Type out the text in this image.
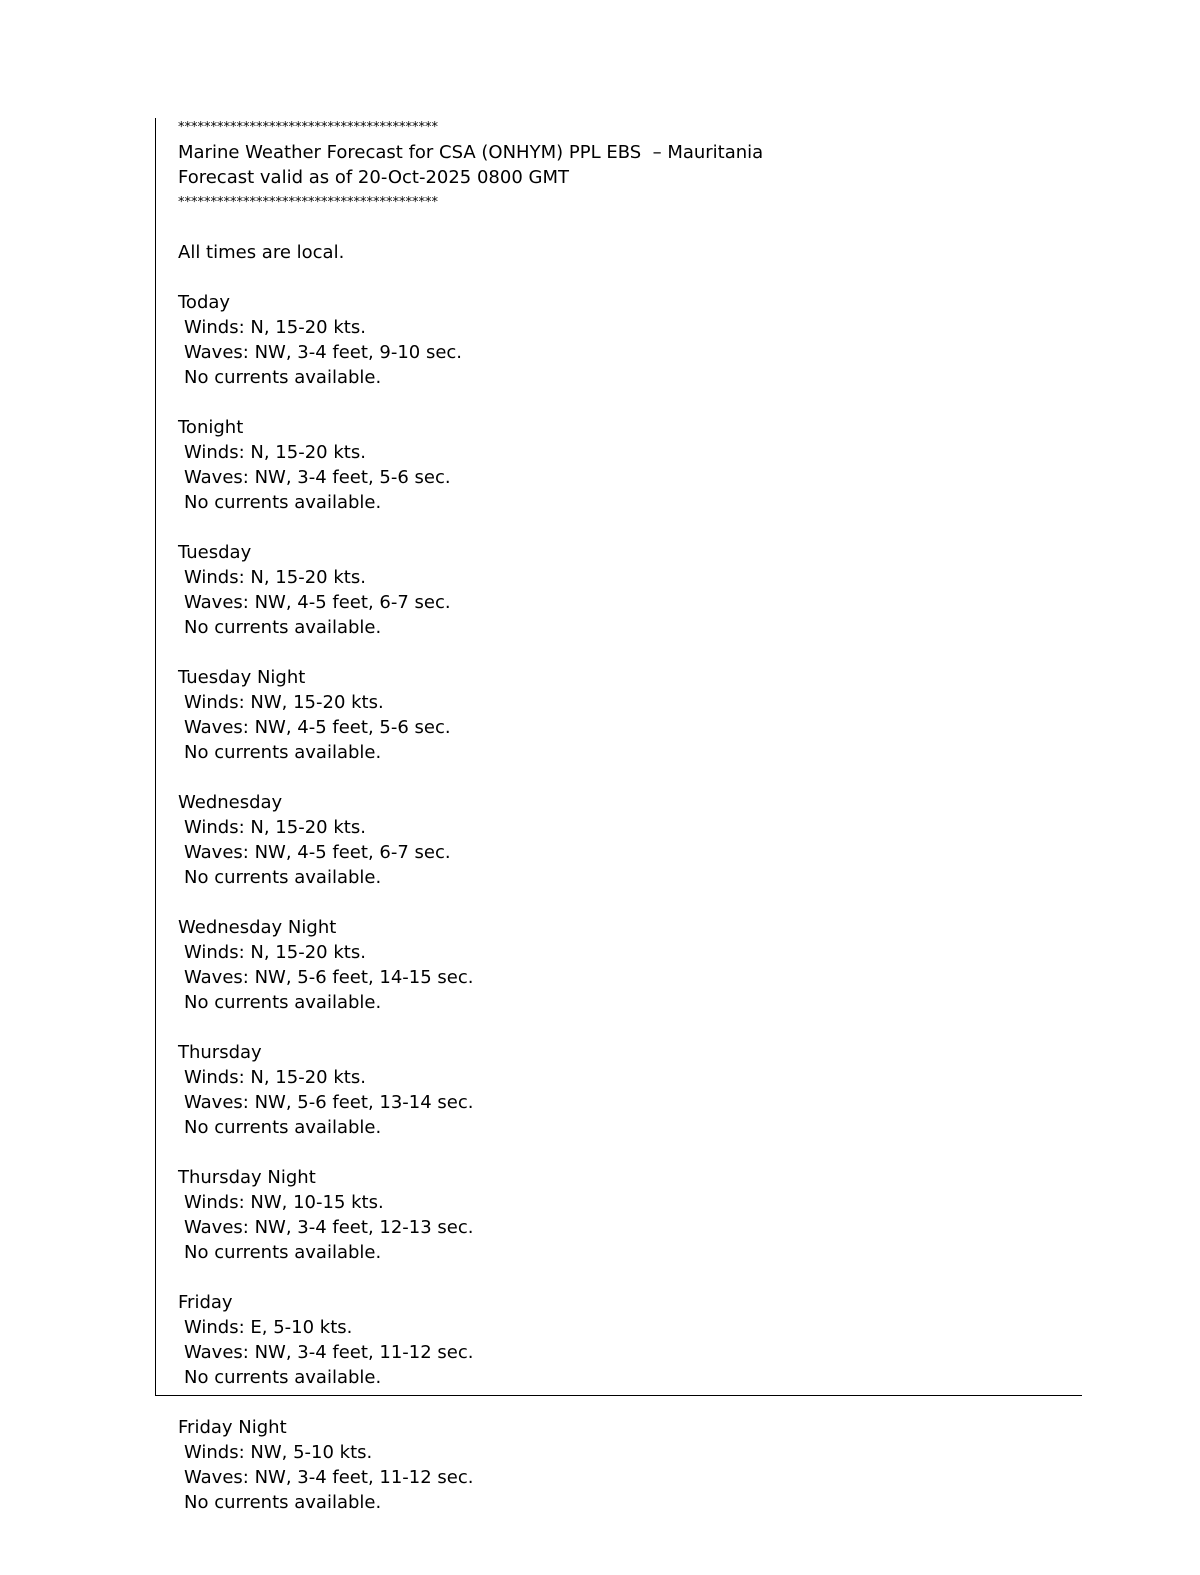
****************************************
Marine Weather Forecast for CSA (ONHYM) PPL EBS  – Mauritania
Forecast valid as of 20-Oct-2025 0800 GMT
****************************************
All times are local.
Today
Winds: N, 15-20 kts.
Waves: NW, 3-4 feet, 9-10 sec.
No currents available.
Tonight
Winds: N, 15-20 kts.
Waves: NW, 3-4 feet, 5-6 sec.
No currents available.
Tuesday
Winds: N, 15-20 kts.
Waves: NW, 4-5 feet, 6-7 sec.
No currents available.
Tuesday Night
Winds: NW, 15-20 kts.
Waves: NW, 4-5 feet, 5-6 sec.
No currents available.
Wednesday
Winds: N, 15-20 kts.
Waves: NW, 4-5 feet, 6-7 sec.
No currents available.
Wednesday Night
Winds: N, 15-20 kts.
Waves: NW, 5-6 feet, 14-15 sec.
No currents available.
Thursday
Winds: N, 15-20 kts.
Waves: NW, 5-6 feet, 13-14 sec.
No currents available.
Thursday Night
Winds: NW, 10-15 kts.
Waves: NW, 3-4 feet, 12-13 sec.
No currents available.
Friday
Winds: E, 5-10 kts.
Waves: NW, 3-4 feet, 11-12 sec.
No currents available.
Friday Night
Winds: NW, 5-10 kts.
Waves: NW, 3-4 feet, 11-12 sec.
No currents available.
